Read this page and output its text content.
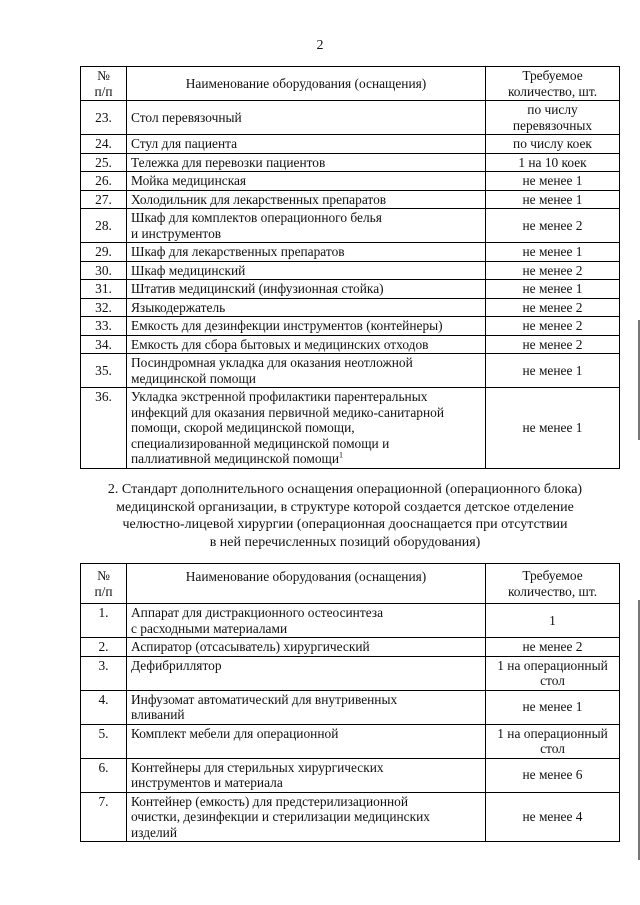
2
№
п/п	Наименование оборудования (оснащения)	Требуемое
количество, шт.
23.	Стол перевязочный	по числу
перевязочных
24.	Стул для пациента	по числу коек
25.	Тележка для перевозки пациентов	1 на 10 коек
26.	Мойка медицинская	не менее 1
27.	Холодильник для лекарственных препаратов	не менее 1
28.	Шкаф для комплектов операционного белья
и инструментов	не менее 2
29.	Шкаф для лекарственных препаратов	не менее 1
30.	Шкаф медицинский	не менее 2
31.	Штатив медицинский (инфузионная стойка)	не менее 1
32.	Языкодержатель	не менее 2
33.	Емкость для дезинфекции инструментов (контейнеры)	не менее 2
34.	Емкость для сбора бытовых и медицинских отходов	не менее 2
35.	Посиндромная укладка для оказания неотложной
медицинской помощи	не менее 1
36.	Укладка экстренной профилактики парентеральных
инфекций для оказания первичной медико-санитарной
помощи, скорой медицинской помощи,
специализированной медицинской помощи и
паллиативной медицинской помощи$^1$	не менее 1
2. Стандарт дополнительного оснащения операционной (операционного блока)
медицинской организации, в структуре которой создается детское отделение
челюстно-лицевой хирургии (операционная дооснащается при отсутствии
в ней перечисленных позиций оборудования)
№
п/п	Наименование оборудования (оснащения)	Требуемое
количество, шт.
1.	Аппарат для дистракционного остеосинтеза
с расходными материалами	1
2.	Аспиратор (отсасыватель) хирургический	не менее 2
3.	Дефибриллятор	1 на операционный
стол
4.	Инфузомат автоматический для внутривенных
вливаний	не менее 1
5.	Комплект мебели для операционной	1 на операционный
стол
6.	Контейнеры для стерильных хирургических
инструментов и материала	не менее 6
7.	Контейнер (емкость) для предстерилизационной
очистки, дезинфекции и стерилизации медицинских
изделий	не менее 4
